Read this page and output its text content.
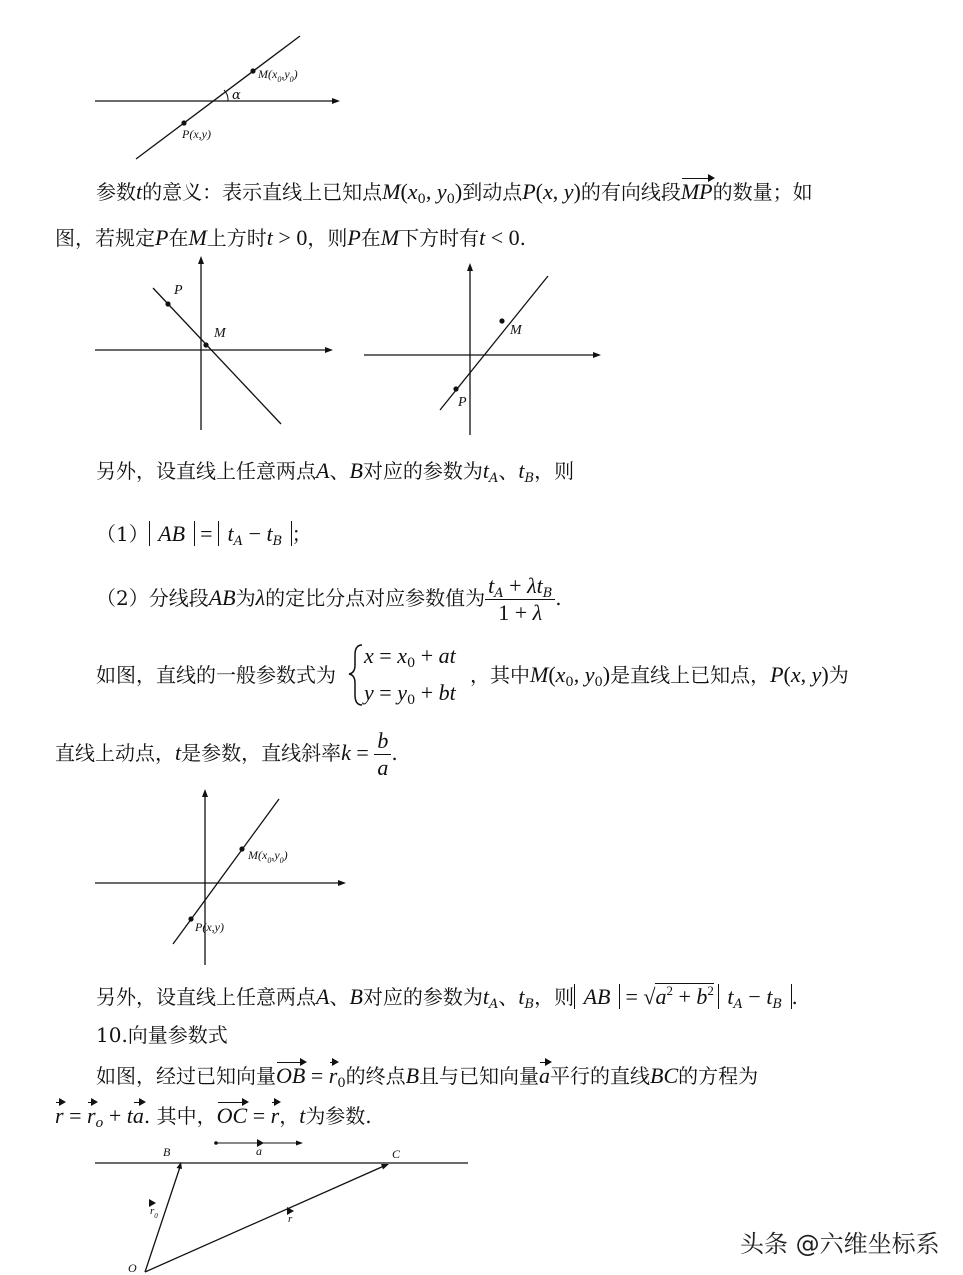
$M(x_0,y_0)$
α
P(x,y)
参数t的意义：表示直线上已知点$M(x_0$, $y_0$)到动点P(x, y)的有向线段MP的数量；如
图，若规定P在M上方时t > 0，则P在M下方时有t < 0.
P
M	M
P
另外，设直线上任意两点A、B对应的参数为$t_A$、$t_B$，则
（1） AB  =  $t_A - t_B$ ；
（2）分线段AB为λ的定比分点对应参数值为 $\frac{t_A + \lambda t_B}{1 + \lambda}$ .
如图，直线的一般参数式为
$x = x_0$ + at
$y = y_0$ + bt
，其中$M(x_0$, $y_0$)是直线上已知点，P(x, y)为
直线上动点，t是参数，直线斜率$k = \frac{b}{a}$ .
$M(x_0,y_0)$
P(x,y)
另外，设直线上任意两点A、B对应的参数为$t_A$、$t_B$，则 AB  = $√a^2 + b^2$ $t_A - t_B$ .
10.向量参数式
如图，经过已知向量OB = $r_0$的终点B且与已知向量a平行的直线BC的方程为
$r = r_o$ + ta. 其中，OC = r，t为参数.
B	C
a
$r_0$	r
O
头条 @六维坐标系
